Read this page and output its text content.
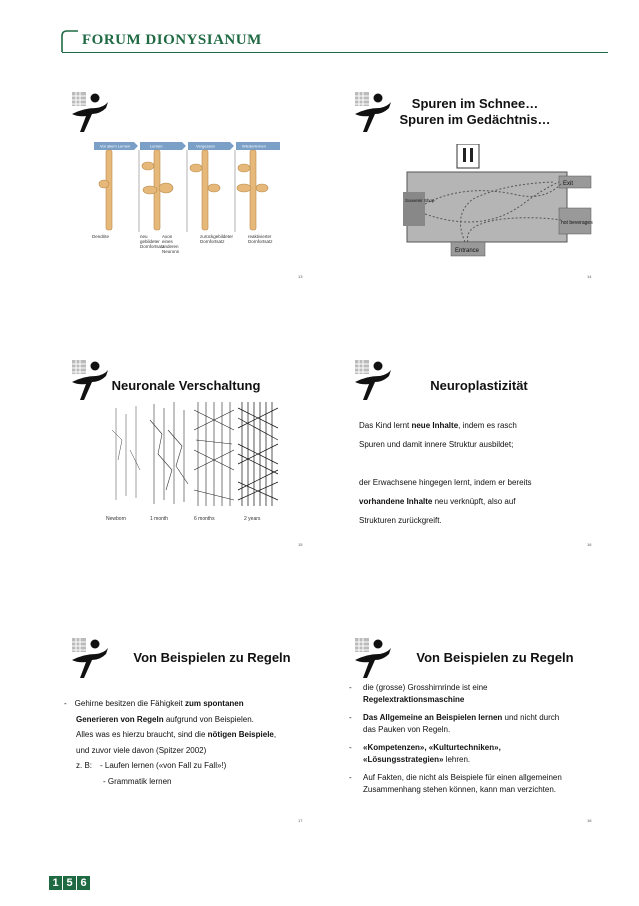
FORUM DIONYSIANUM
Vor allem Lernen	Lernen	Vergessen	Wiederlernen
Dendrite	neu gebildeter Dornfortsatz
Axon eines anderen Neurons
zurückgebildeter Dornfortsatz
reaktivierter Dornfortsatz
13
Spuren im Schnee…
Spuren im Gedächtnis…
Exit
Souvenir Shop
hot beverages
Entrance
14
Neuronale Verschaltung
Newborn	1 month	6 months	2 years
15
Neuroplastizität
Das Kind lernt neue Inhalte, indem es rasch
Spuren und damit innere Struktur ausbildet;
der Erwachsene hingegen lernt, indem er bereits
vorhandene Inhalte neu verknüpft, also auf
Strukturen zurückgreift.
16
Von Beispielen zu Regeln
- Gehirne besitzen die Fähigkeit zum spontanen
Generieren von Regeln aufgrund von Beispielen.
Alles was es hierzu braucht, sind die nötigen Beispiele,
und zuvor viele davon (Spitzer 2002)
z. B: - Laufen lernen («von Fall zu Fall»!)
- Grammatik lernen
17
Von Beispielen zu Regeln
-	die (grosse) Grosshirnrinde ist eine
Regelextraktionsmaschine
-	Das Allgemeine an Beispielen lernen und nicht durch
das Pauken von Regeln.
-	«Kompetenzen», «Kulturtechniken»,
«Lösungsstrategien» lehren.
-	Auf Fakten, die nicht als Beispiele für einen allgemeinen
Zusammenhang stehen können, kann man verzichten.
18
1 5 6
